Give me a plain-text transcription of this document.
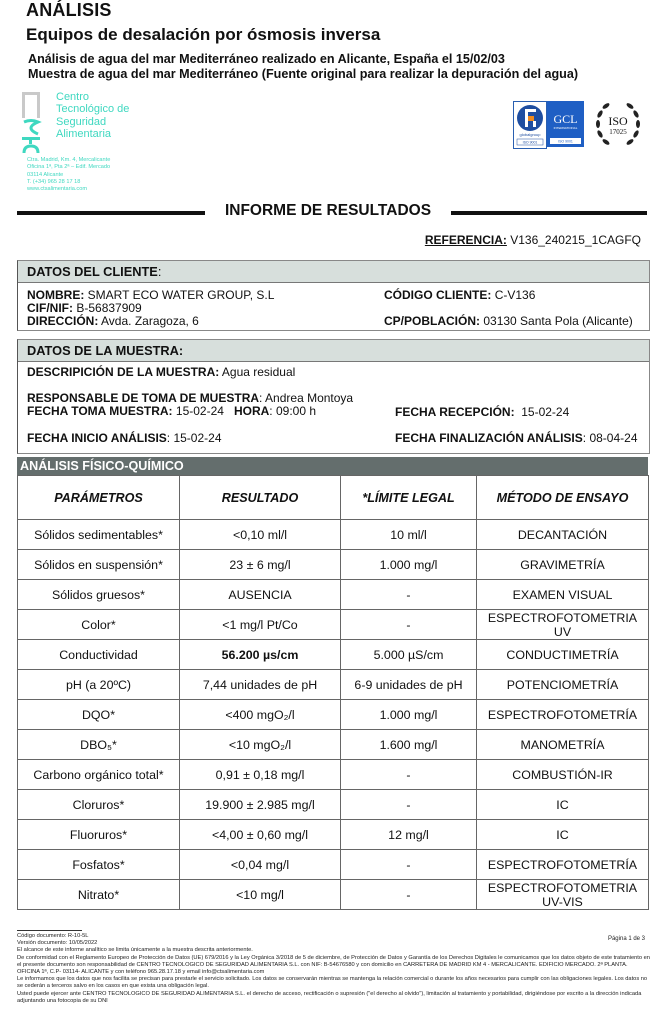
ANÁLISIS
Equipos de desalación por ósmosis inversa
Análisis de agua del mar Mediterráneo realizado en Alicante, España el 15/02/03
Muestra de agua del mar Mediterráneo (Fuente original para realizar la depuración del agua)
Centro
Tecnológico de
Seguridad
Alimentaria
Ctra. Madrid, Km. 4, Mercalicante
Oficina 1ª, Pta 2ª – Edif. Mercado
03114 Alicante
T. (+34) 965 28 17 18
www.ctsalimentaria.com
globalgroup
ISO 9001
GCL
INTERNATIONAL
ISO 9001
ISO
17025
INFORME DE RESULTADOS
REFERENCIA: V136_240215_1CAGFQ
DATOS DEL CLIENTE:
NOMBRE: SMART ECO WATER GROUP, S.L	CÓDIGO CLIENTE: C-V136
CIF/NIF: B-56837909
DIRECCIÓN: Avda. Zaragoza, 6	CP/POBLACIÓN: 03130 Santa Pola (Alicante)
DATOS DE LA MUESTRA:
DESCRIPICIÓN DE LA MUESTRA: Agua residual
RESPONSABLE DE TOMA DE MUESTRA: Andrea Montoya
FECHA TOMA MUESTRA: 15-02-24 HORA: 09:00 h	FECHA RECEPCIÓN: 15-02-24
FECHA INICIO ANÁLISIS: 15-02-24	FECHA FINALIZACIÓN ANÁLISIS: 08-04-24
ANÁLISIS FÍSICO-QUÍMICO
PARÁMETROS	RESULTADO	*LÍMITE LEGAL	MÉTODO DE ENSAYO
Sólidos sedimentables*	<0,10 ml/l	10 ml/l	DECANTACIÓN
Sólidos en suspensión*	23 ± 6 mg/l	1.000 mg/l	GRAVIMETRÍA
Sólidos gruesos*	AUSENCIA	-	EXAMEN VISUAL
Color*	<1 mg/l Pt/Co	-	ESPECTROFOTOMETRIA UV
Conductividad	56.200 µs/cm	5.000 µS/cm	CONDUCTIMETRÍA
pH (a 20ºC)	7,44 unidades de pH	6-9 unidades de pH	POTENCIOMETRÍA
DQO*	<400 mgO₂/l	1.000 mg/l	ESPECTROFOTOMETRÍA
DBO₅*	<10 mgO₂/l	1.600 mg/l	MANOMETRÍA
Carbono orgánico total*	0,91 ± 0,18 mg/l	-	COMBUSTIÓN-IR
Cloruros*	19.900 ± 2.985 mg/l	-	IC
Fluoruros*	<4,00 ± 0,60 mg/l	12 mg/l	IC
Fosfatos*	<0,04 mg/l	-	ESPECTROFOTOMETRÍA
Nitrato*	<10 mg/l	-	ESPECTROFOTOMETRIA UV-VIS
Página 1 de 3
Código documento: R-10-5L
Versión documento: 10/05/2022
El alcance de este informe analítico se limita únicamente a la muestra descrita anteriormente.
De conformidad con el Reglamento Europeo de Protección de Datos (UE) 679/2016 y la Ley Orgánica 3/2018 de 5 de diciembre, de Protección de Datos y Garantía de los Derechos Digitales le comunicamos que los datos objeto de este tratamiento en el presente documento son responsabilidad de CENTRO TECNOLOGICO DE SEGURIDAD ALIMENTARIA S.L. con NIF: B-54676580 y con domicilio en CARRETERA DE MADRID KM 4 - MERCALICANTE. EDIFICIO MERCADO. 2ª PLANTA. OFICINA 1ª, C.P- 03114- ALICANTE y con teléfono 965.28.17.18 y email info@ctsalimentaria.com
Le informamos que los datos que nos facilita se precisan para prestarle el servicio solicitado. Los datos se conservarán mientras se mantenga la relación comercial o durante los años necesarios para cumplir con las obligaciones legales. Los datos no se cederán a terceros salvo en los casos en que exista una obligación legal.
Usted puede ejercer ante CENTRO TECNOLOGICO DE SEGURIDAD ALIMENTARIA S.L. el derecho de acceso, rectificación o supresión ("el derecho al olvido"), limitación al tratamiento y portabilidad, dirigiéndose por escrito a la dirección indicada adjuntando una fotocopia de su DNI
